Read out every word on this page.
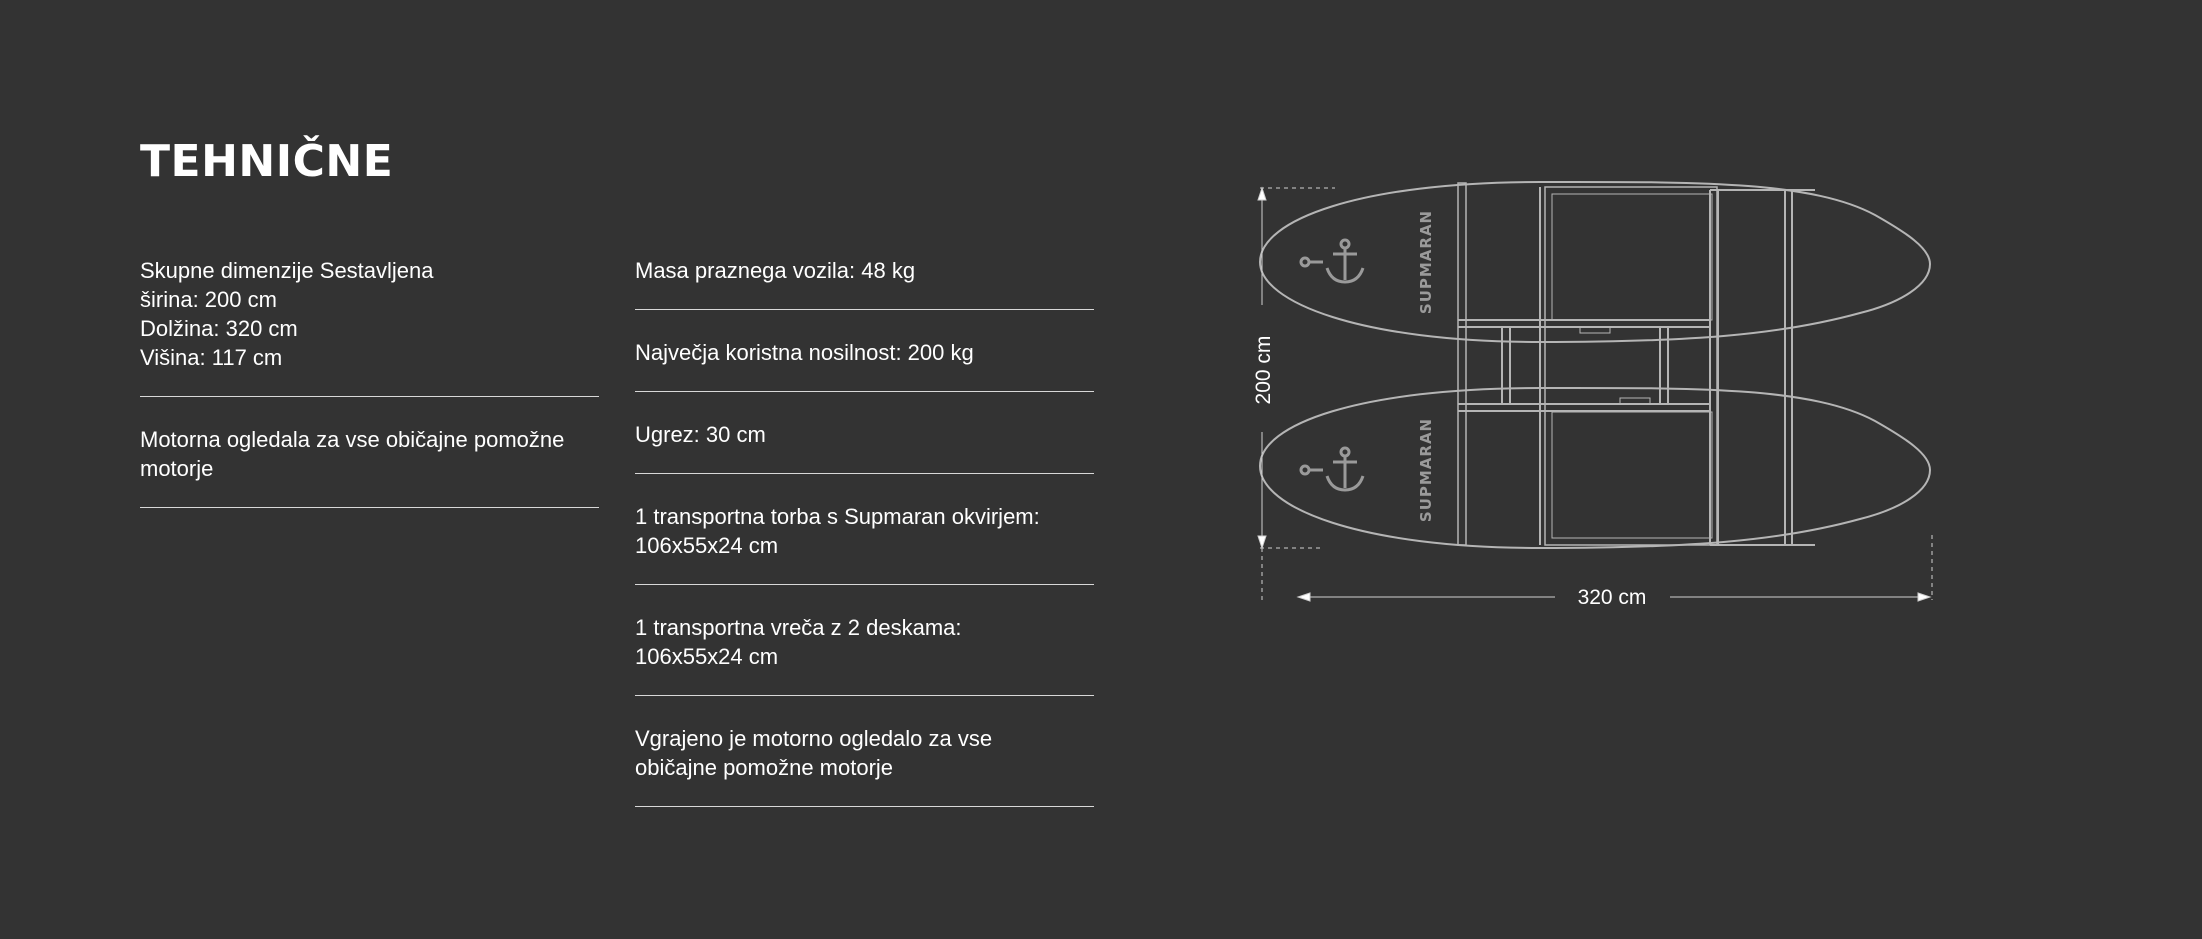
TEHNIČNE
Skupne dimenzije Sestavljena
širina: 200 cm
Dolžina: 320 cm
Višina: 117 cm
Motorna ogledala za vse običajne pomožne
motorje
Masa praznega vozila: 48 kg
Največja koristna nosilnost: 200 kg
Ugrez: 30 cm
1 transportna torba s Supmaran okvirjem:
106x55x24 cm
1 transportna vreča z 2 deskama:
106x55x24 cm
Vgrajeno je motorno ogledalo za vse
običajne pomožne motorje
200 cm
320 cm
SUPMARAN
SUPMARAN
